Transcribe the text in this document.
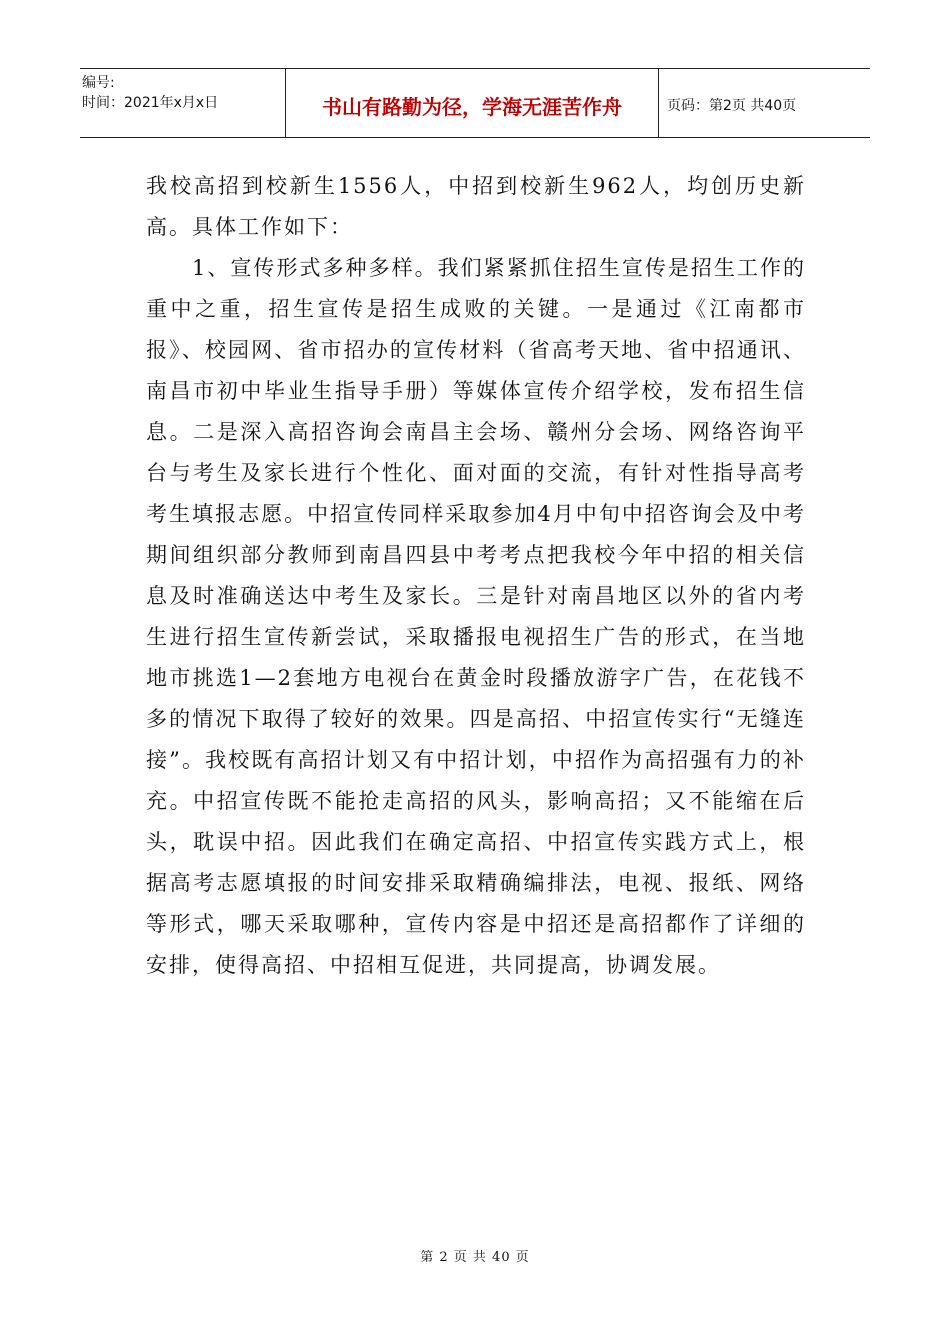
编号:
时间：2021年x月x日	书山有路勤为径，学海无涯苦作舟	页码：第2页 共40页

我校高招到校新生1556人，中招到校新生962人，均创历史新高。具体工作如下：

1、宣传形式多种多样。我们紧紧抓住招生宣传是招生工作的重中之重，招生宣传是招生成败的关键。一是通过《江南都市报》、校园网、省市招办的宣传材料（省高考天地、省中招通讯、南昌市初中毕业生指导手册）等媒体宣传介绍学校，发布招生信息。二是深入高招咨询会南昌主会场、赣州分会场、网络咨询平台与考生及家长进行个性化、面对面的交流，有针对性指导高考考生填报志愿。中招宣传同样采取参加4月中旬中招咨询会及中考期间组织部分教师到南昌四县中考考点把我校今年中招的相关信息及时准确送达中考生及家长。三是针对南昌地区以外的省内考生进行招生宣传新尝试，采取播报电视招生广告的形式，在当地地市挑选1—2套地方电视台在黄金时段播放游字广告，在花钱不多的情况下取得了较好的效果。四是高招、中招宣传实行“无缝连接”。我校既有高招计划又有中招计划，中招作为高招强有力的补充。中招宣传既不能抢走高招的风头，影响高招；又不能缩在后头，耽误中招。因此我们在确定高招、中招宣传实践方式上，根据高考志愿填报的时间安排采取精确编排法，电视、报纸、网络等形式，哪天采取哪种，宣传内容是中招还是高招都作了详细的安排，使得高招、中招相互促进，共同提高，协调发展。

第 2 页 共 40 页
